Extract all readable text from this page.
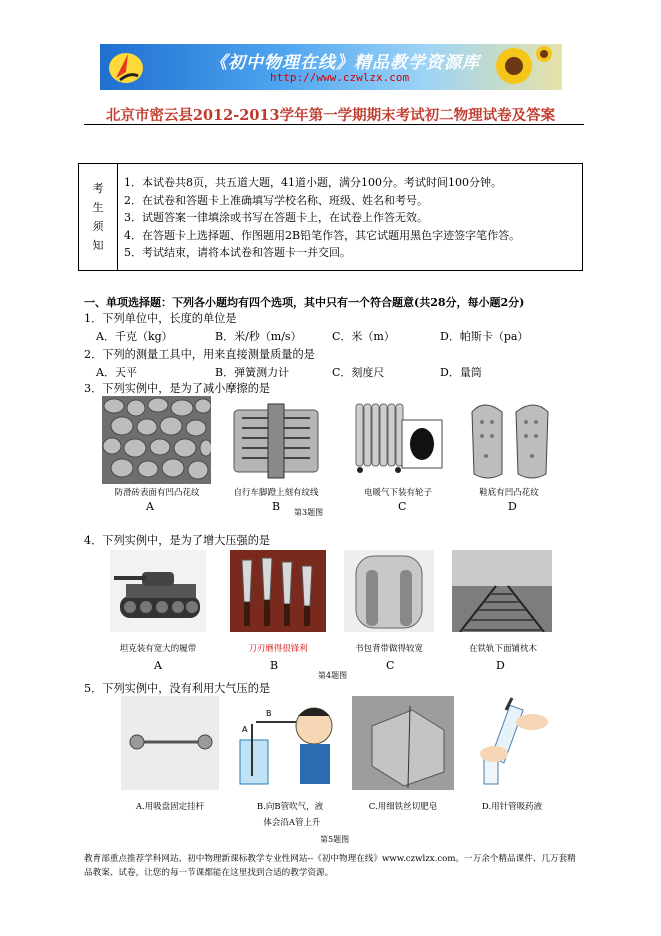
《初中物理在线》精品教学资源库
http://www.czwlzx.com
北京市密云县2012-2013学年第一学期期末考试初二物理试卷及答案
考
生
须
知

1．本试卷共8页，共五道大题，41道小题，满分100分。考试时间100分钟。
2．在试卷和答题卡上准确填写学校名称、班级、姓名和考号。
3．试题答案一律填涂或书写在答题卡上，在试卷上作答无效。
4．在答题卡上选择题、作图题用2B铅笔作答，其它试题用黑色字迹签字笔作答。
5．考试结束，请将本试卷和答题卡一并交回。
一、单项选择题：下列各小题均有四个选项，其中只有一个符合题意(共28分，每小题2分)
1．下列单位中，长度的单位是
A．千克（kg）	B．米/秒（m/s）	C．米（m）	D．帕斯卡（pa）
2．下列的测量工具中，用来直接测量质量的是
A．天平	B．弹簧测力计	C．刻度尺	D．量筒
3．下列实例中，是为了减小摩擦的是
防滑砖表面有凹凸花纹	自行车脚蹬上刻有纹线	电暖气下装有轮子	鞋底有凹凸花纹
A	B	C	D
第3题图
4．下列实例中，是为了增大压强的是
坦克装有宽大的履带	刀刃磨得很锋利	书包背带做得较宽	在铁轨下面铺枕木
A	B	C	D
第4题图
5．下列实例中，没有利用大气压的是
B
A
A.用吸盘固定挂杆	B.向B管吹气，液
体会沿A管上升
C.用细铁丝切肥皂	D.用针管吸药液
第5题图
教育部重点推荐学科网站、初中物理新课标教学专业性网站--《初中物理在线》www.czwlzx.com。一万余个精品课件、几万套精品教案、试卷，让您的每一节课都能在这里找到合适的教学资源。
